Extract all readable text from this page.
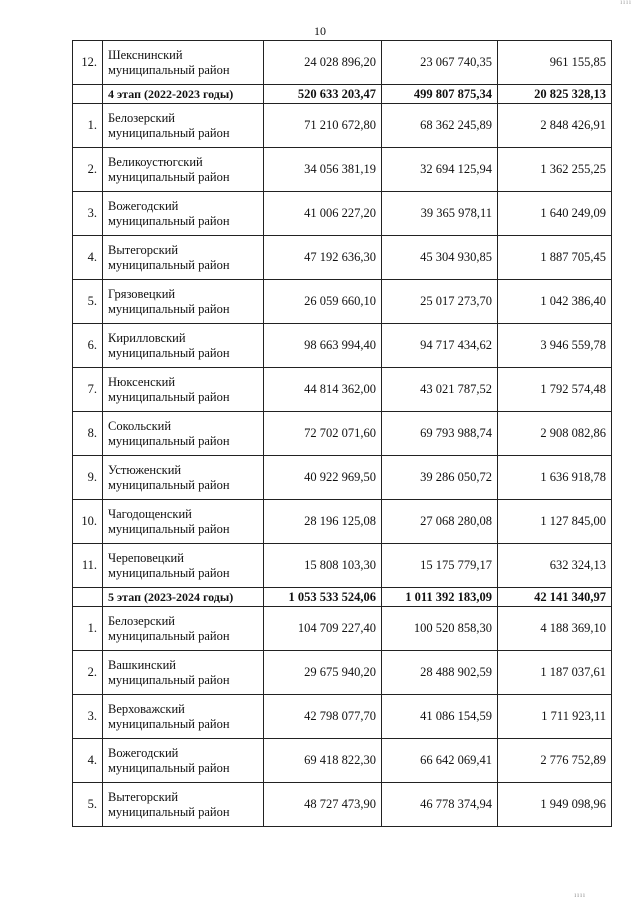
ıııı
10
12.	Шекснинский
муниципальный район	24 028 896,20	23 067 740,35	961 155,85
	4 этап (2022-2023 годы)	520 633 203,47	499 807 875,34	20 825 328,13
1.	Белозерский
муниципальный район	71 210 672,80	68 362 245,89	2 848 426,91
2.	Великоустюгский
муниципальный район	34 056 381,19	32 694 125,94	1 362 255,25
3.	Вожегодский
муниципальный район	41 006 227,20	39 365 978,11	1 640 249,09
4.	Вытегорский
муниципальный район	47 192 636,30	45 304 930,85	1 887 705,45
5.	Грязовецкий
муниципальный район	26 059 660,10	25 017 273,70	1 042 386,40
6.	Кирилловский
муниципальный район	98 663 994,40	94 717 434,62	3 946 559,78
7.	Нюксенский
муниципальный район	44 814 362,00	43 021 787,52	1 792 574,48
8.	Сокольский
муниципальный район	72 702 071,60	69 793 988,74	2 908 082,86
9.	Устюженский
муниципальный район	40 922 969,50	39 286 050,72	1 636 918,78
10.	Чагодощенский
муниципальный район	28 196 125,08	27 068 280,08	1 127 845,00
11.	Череповецкий
муниципальный район	15 808 103,30	15 175 779,17	632 324,13
	5 этап (2023-2024 годы)	1 053 533 524,06	1 011 392 183,09	42 141 340,97
1.	Белозерский
муниципальный район	104 709 227,40	100 520 858,30	4 188 369,10
2.	Вашкинский
муниципальный район	29 675 940,20	28 488 902,59	1 187 037,61
3.	Верховажский
муниципальный район	42 798 077,70	41 086 154,59	1 711 923,11
4.	Вожегодский
муниципальный район	69 418 822,30	66 642 069,41	2 776 752,89
5.	Вытегорский
муниципальный район	48 727 473,90	46 778 374,94	1 949 098,96
ıııı
